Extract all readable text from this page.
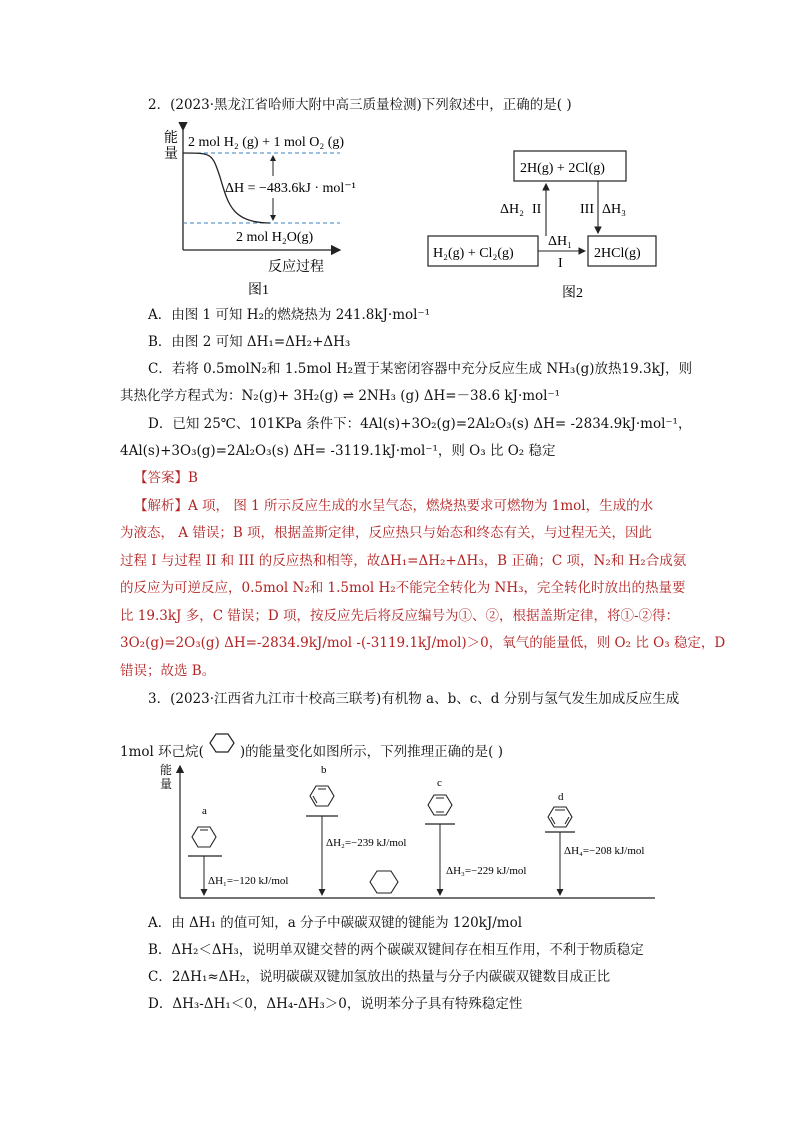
2．(2023·黑龙江省哈师大附中高三质量检测)下列叙述中，正确的是( )
能
量
2 mol H₂ (g) + 1 mol O₂ (g)
ΔH = −483.6kJ · mol⁻¹
2 mol H₂O(g)
反应过程
图1
2H(g) + 2Cl(g)
H₂(g) + Cl₂(g)	2HCl(g)
ΔH₂ II	III ΔH₃
ΔH₁
I
图2
A．由图 1 可知 H₂的燃烧热为 241.8kJ·mol⁻¹
B．由图 2 可知 ΔH₁=ΔH₂+ΔH₃
C．若将 0.5molN₂和 1.5mol H₂置于某密闭容器中充分反应生成 NH₃(g)放热19.3kJ，则
其热化学方程式为：N₂(g)+ 3H₂(g) ⇌ 2NH₃ (g) ΔH=－38.6 kJ·mol⁻¹
D．已知 25℃、101KPa 条件下：4Al(s)+3O₂(g)=2Al₂O₃(s) ΔH= -2834.9kJ·mol⁻¹，
4Al(s)+3O₃(g)=2Al₂O₃(s) ΔH= -3119.1kJ·mol⁻¹，则 O₃ 比 O₂ 稳定
【答案】B
【解析】A 项， 图 1 所示反应生成的水呈气态，燃烧热要求可燃物为 1mol，生成的水
为液态， A 错误；B 项，根据盖斯定律，反应热只与始态和终态有关，与过程无关，因此
过程 I 与过程 II 和 III 的反应热和相等，故ΔH₁=ΔH₂+ΔH₃，B 正确；C 项，N₂和 H₂合成氨
的反应为可逆反应，0.5mol N₂和 1.5mol H₂不能完全转化为 NH₃，完全转化时放出的热量要
比 19.3kJ 多，C 错误；D 项，按反应先后将反应编号为①、②，根据盖斯定律，将①-②得：
3O₂(g)=2O₃(g) ΔH=-2834.9kJ/mol -(-3119.1kJ/mol)＞0，氧气的能量低，则 O₂ 比 O₃ 稳定，D
错误；故选 B。
3．(2023·江西省九江市十校高三联考)有机物 a、b、c、d 分别与氢气发生加成反应生成
1mol 环己烷(	)的能量变化如图所示，下列推理正确的是( )
能
量
a
ΔH₁=−120 kJ/mol
b
ΔH₂=−239 kJ/mol
c
ΔH₃=−229 kJ/mol
d
ΔH₄=−208 kJ/mol
A．由 ΔH₁ 的值可知，a 分子中碳碳双键的键能为 120kJ/mol
B．ΔH₂＜ΔH₃，说明单双键交替的两个碳碳双键间存在相互作用，不利于物质稳定
C．2ΔH₁≈ΔH₂，说明碳碳双键加氢放出的热量与分子内碳碳双键数目成正比
D．ΔH₃-ΔH₁＜0，ΔH₄-ΔH₃＞0，说明苯分子具有特殊稳定性
